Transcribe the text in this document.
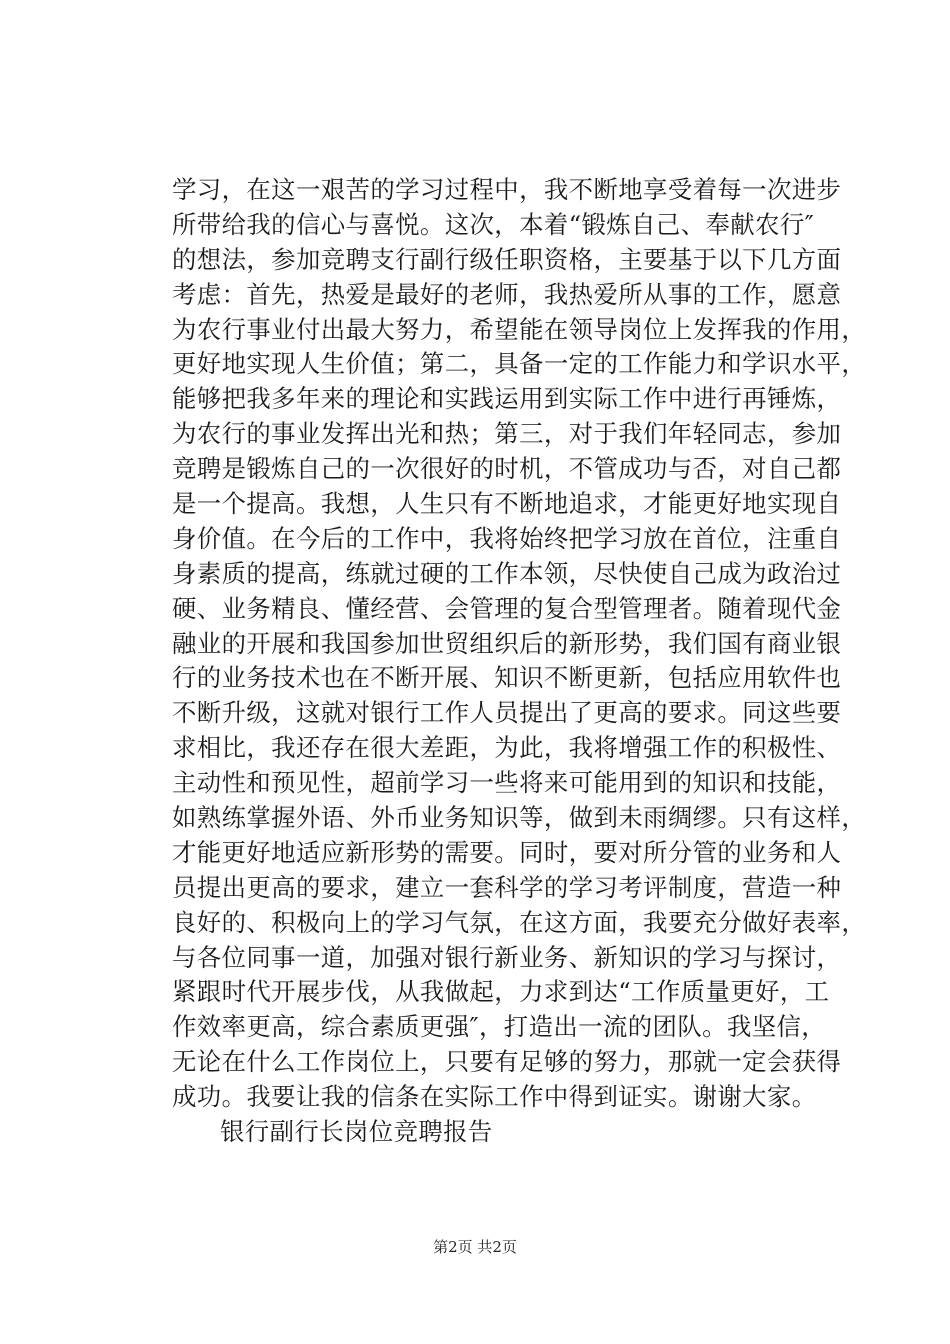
学习，在这一艰苦的学习过程中，我不断地享受着每一次进步
所带给我的信心与喜悦。这次，本着“锻炼自己、奉献农行″
的想法，参加竞聘支行副行级任职资格，主要基于以下几方面
考虑：首先，热爱是最好的老师，我热爱所从事的工作，愿意
为农行事业付出最大努力，希望能在领导岗位上发挥我的作用，
更好地实现人生价值；第二，具备一定的工作能力和学识水平，
能够把我多年来的理论和实践运用到实际工作中进行再锤炼，
为农行的事业发挥出光和热；第三，对于我们年轻同志，参加
竞聘是锻炼自己的一次很好的时机，不管成功与否，对自己都
是一个提高。我想，人生只有不断地追求，才能更好地实现自
身价值。在今后的工作中，我将始终把学习放在首位，注重自
身素质的提高，练就过硬的工作本领，尽快使自己成为政治过
硬、业务精良、懂经营、会管理的复合型管理者。随着现代金
融业的开展和我国参加世贸组织后的新形势，我们国有商业银
行的业务技术也在不断开展、知识不断更新，包括应用软件也
不断升级，这就对银行工作人员提出了更高的要求。同这些要
求相比，我还存在很大差距，为此，我将增强工作的积极性、
主动性和预见性，超前学习一些将来可能用到的知识和技能，
如熟练掌握外语、外币业务知识等，做到未雨绸缪。只有这样，
才能更好地适应新形势的需要。同时，要对所分管的业务和人
员提出更高的要求，建立一套科学的学习考评制度，营造一种
良好的、积极向上的学习气氛，在这方面，我要充分做好表率，
与各位同事一道，加强对银行新业务、新知识的学习与探讨，
紧跟时代开展步伐，从我做起，力求到达“工作质量更好，工
作效率更高，综合素质更强″，打造出一流的团队。我坚信，
无论在什么工作岗位上，只要有足够的努力，那就一定会获得
成功。我要让我的信条在实际工作中得到证实。谢谢大家。
银行副行长岗位竞聘报告
第2页 共2页
